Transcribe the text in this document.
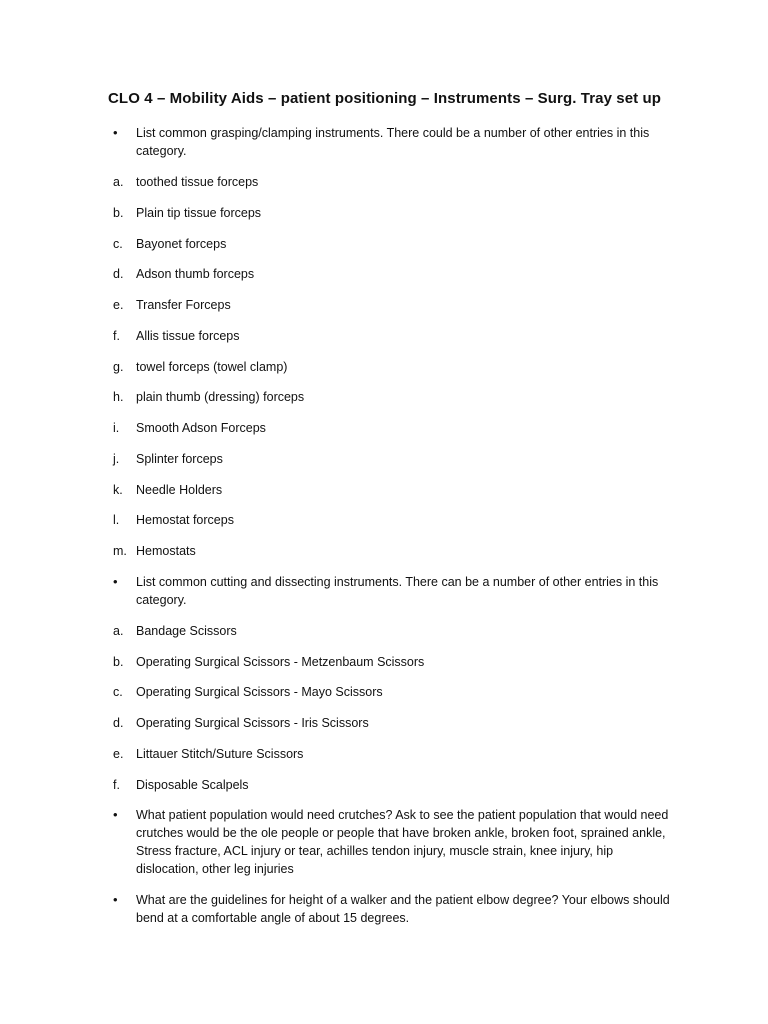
CLO 4 – Mobility Aids – patient positioning – Instruments – Surg. Tray set up
•	List common grasping/clamping instruments. There could be a number of other entries in this category.
a.	toothed tissue forceps
b.	Plain tip tissue forceps
c.	Bayonet forceps
d.	Adson thumb forceps
e.	Transfer Forceps
f.	Allis tissue forceps
g.	towel forceps (towel clamp)
h.	plain thumb (dressing) forceps
i.	Smooth Adson Forceps
j.	Splinter forceps
k.	Needle Holders
l.	Hemostat forceps
m. Hemostats
•	List common cutting and dissecting instruments. There can be a number of other entries in this category.
a.	Bandage Scissors
b.	Operating Surgical Scissors - Metzenbaum Scissors
c.	Operating Surgical Scissors - Mayo Scissors
d.	Operating Surgical Scissors - Iris Scissors
e.	Littauer Stitch/Suture Scissors
f.	Disposable Scalpels
•	What patient population would need crutches? Ask to see the patient population that would need crutches would be the ole people or people that have broken ankle, broken foot, sprained ankle, Stress fracture, ACL injury or tear, achilles tendon injury, muscle strain, knee injury, hip dislocation, other leg injuries
•	What are the guidelines for height of a walker and the patient elbow degree? Your elbows should bend at a comfortable angle of about 15 degrees.
